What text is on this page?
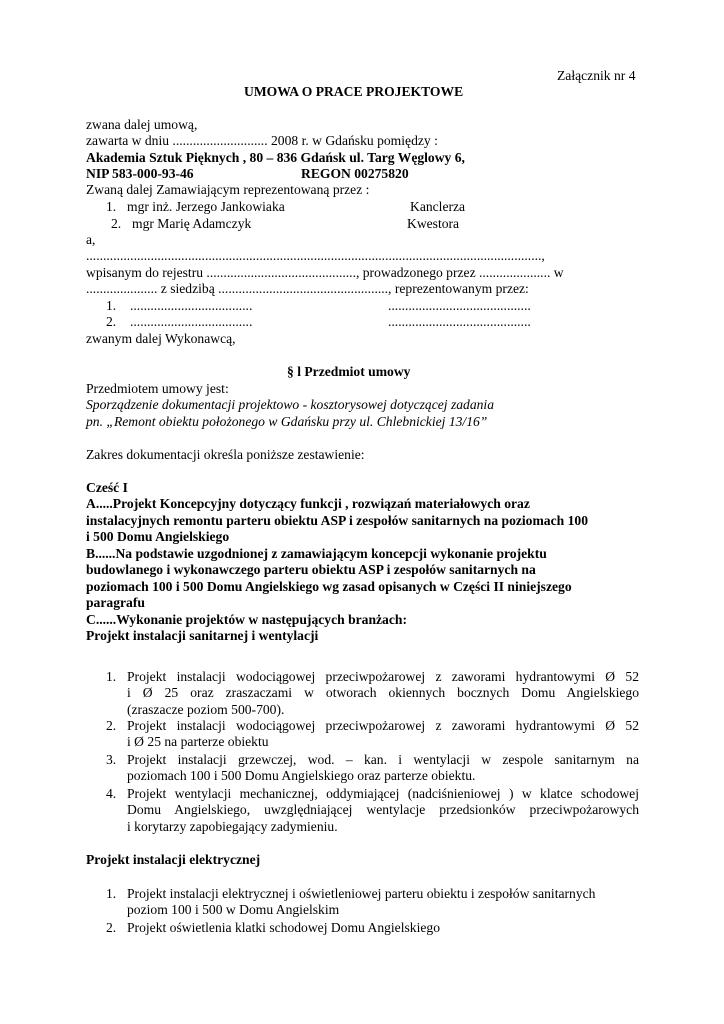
Załącznik nr 4
UMOWA O PRACE PROJEKTOWE
zwana dalej umową,
zawarta w dniu ............................ 2008 r. w Gdańsku pomiędzy :
Akademia Sztuk Pięknych , 80 – 836 Gdańsk ul. Targ Węglowy 6,
NIP 583-000-93-46	REGON 00275820
Zwaną dalej Zamawiającym reprezentowaną przez :
1. mgr inż. Jerzego Jankowiaka	Kanclerza
2. mgr Marię Adamczyk	Kwestora
a,
......................................................................................................................................,
wpisanym do rejestru ............................................, prowadzonego przez ..................... w
..................... z siedzibą .................................................., reprezentowanym przez:
1. ....................................	..........................................
2. ....................................	..........................................
zwanym dalej Wykonawcą,
§ l Przedmiot umowy
Przedmiotem umowy jest:
Sporządzenie dokumentacji projektowo - kosztorysowej dotyczącej zadania
pn. „Remont obiektu położonego w Gdańsku przy ul. Chlebnickiej 13/16”
Zakres dokumentacji określa poniższe zestawienie:
Cześć I
A.....Projekt Koncepcyjny dotyczący funkcji , rozwiązań materiałowych oraz
instalacyjnych remontu parteru obiektu ASP i zespołów sanitarnych na poziomach 100
i 500 Domu Angielskiego
B......Na podstawie uzgodnionej z zamawiającym koncepcji wykonanie projektu
budowlanego i wykonawczego parteru obiektu ASP i zespołów sanitarnych na
poziomach 100 i 500 Domu Angielskiego wg zasad opisanych w Części II niniejszego
paragrafu
C......Wykonanie projektów w następujących branżach:
Projekt instalacji sanitarnej i wentylacji
1. Projekt instalacji wodociągowej przeciwpożarowej z zaworami hydrantowymi Ø 52
i Ø 25 oraz zraszaczami w otworach okiennych bocznych Domu Angielskiego
(zraszacze poziom 500-700).
2. Projekt instalacji wodociągowej przeciwpożarowej z zaworami hydrantowymi Ø 52
i Ø 25 na parterze obiektu
3. Projekt instalacji grzewczej, wod. – kan. i wentylacji w zespole sanitarnym na
poziomach 100 i 500 Domu Angielskiego oraz parterze obiektu.
4. Projekt wentylacji mechanicznej, oddymiającej (nadciśnieniowej ) w klatce schodowej
Domu Angielskiego, uwzględniającej wentylacje przedsionków przeciwpożarowych
i korytarzy zapobiegający zadymieniu.
Projekt instalacji elektrycznej
1. Projekt instalacji elektrycznej i oświetleniowej parteru obiektu i zespołów sanitarnych
poziom 100 i 500 w Domu Angielskim
2. Projekt oświetlenia klatki schodowej Domu Angielskiego
